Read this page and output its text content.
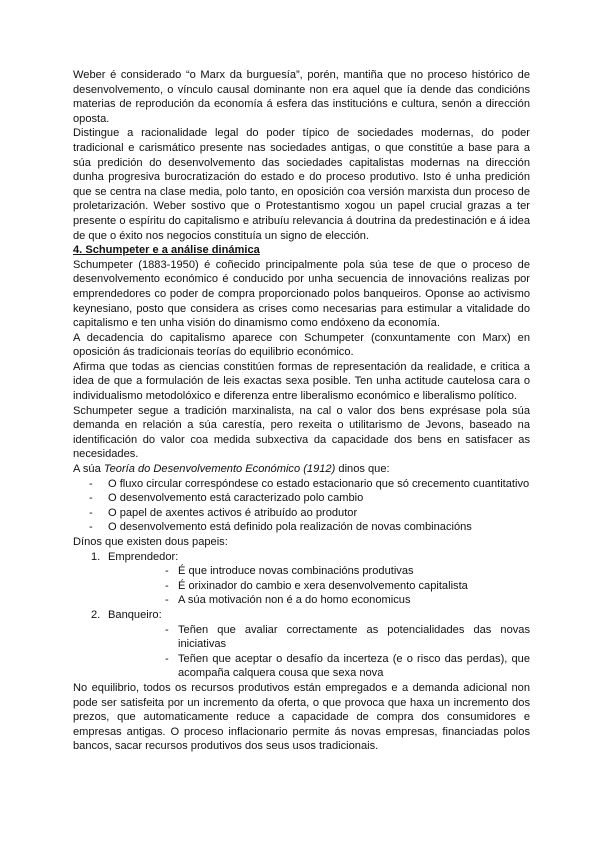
Weber é considerado “o Marx da burguesía”, porén, mantiña que no proceso histórico de desenvolvemento, o vínculo causal dominante non era aquel que ía dende das condicións materias de reprodución da economía á esfera das institucións e cultura, senón a dirección oposta.

Distingue a racionalidade legal do poder típico de sociedades modernas, do poder tradicional e carismático presente nas sociedades antigas, o que constitúe a base para a súa predición do desenvolvemento das sociedades capitalistas modernas na dirección dunha progresiva burocratización do estado e do proceso produtivo. Isto é unha predición que se centra na clase media, polo tanto, en oposición coa versión marxista dun proceso de proletarización. Weber sostivo que o Protestantismo xogou un papel crucial grazas a ter presente o espíritu do capitalismo e atribuíu relevancia á doutrina da predestinación e á idea de que o éxito nos negocios constituía un signo de elección.

4. Schumpeter e a análise dinámica

Schumpeter (1883-1950) é coñecido principalmente pola súa tese de que o proceso de desenvolvemento económico é conducido por unha secuencia de innovacións realizas por emprendedores co poder de compra proporcionado polos banqueiros. Oponse ao activismo keynesiano, posto que considera as crises como necesarias para estimular a vitalidade do capitalismo e ten unha visión do dinamismo como endóxeno da economía.

A decadencia do capitalismo aparece con Schumpeter (conxuntamente con Marx) en oposición ás tradicionais teorías do equilibrio económico.

Afirma que todas as ciencias constitúen formas de representación da realidade, e critica a idea de que a formulación de leis exactas sexa posible. Ten unha actitude cautelosa cara o individualismo metodolóxico e diferenza entre liberalismo económico e liberalismo político.

Schumpeter segue a tradición marxinalista, na cal o valor dos bens exprésase pola súa demanda en relación a súa carestía, pero rexeita o utilitarismo de Jevons, baseado na identificación do valor coa medida subxectiva da capacidade dos bens en satisfacer as necesidades.

A súa Teoría do Desenvolvemento Económico (1912) dinos que:

- O fluxo circular correspóndese co estado estacionario que só crecemento cuantitativo
- O desenvolvemento está caracterizado polo cambio
- O papel de axentes activos é atribuído ao produtor
- O desenvolvemento está definido pola realización de novas combinacións

Dínos que existen dous papeis:

1. Emprendedor:
- É que introduce novas combinacións produtivas
- É orixinador do cambio e xera desenvolvemento capitalista
- A súa motivación non é a do homo economicus
2. Banqueiro:
- Teñen que avaliar correctamente as potencialidades das novas iniciativas
- Teñen que aceptar o desafío da incerteza (e o risco das perdas), que acompaña calquera cousa que sexa nova

No equilibrio, todos os recursos produtivos están empregados e a demanda adicional non pode ser satisfeita por un incremento da oferta, o que provoca que haxa un incremento dos prezos, que automaticamente reduce a capacidade de compra dos consumidores e empresas antigas. O proceso inflacionario permite ás novas empresas, financiadas polos bancos, sacar recursos produtivos dos seus usos tradicionais.
